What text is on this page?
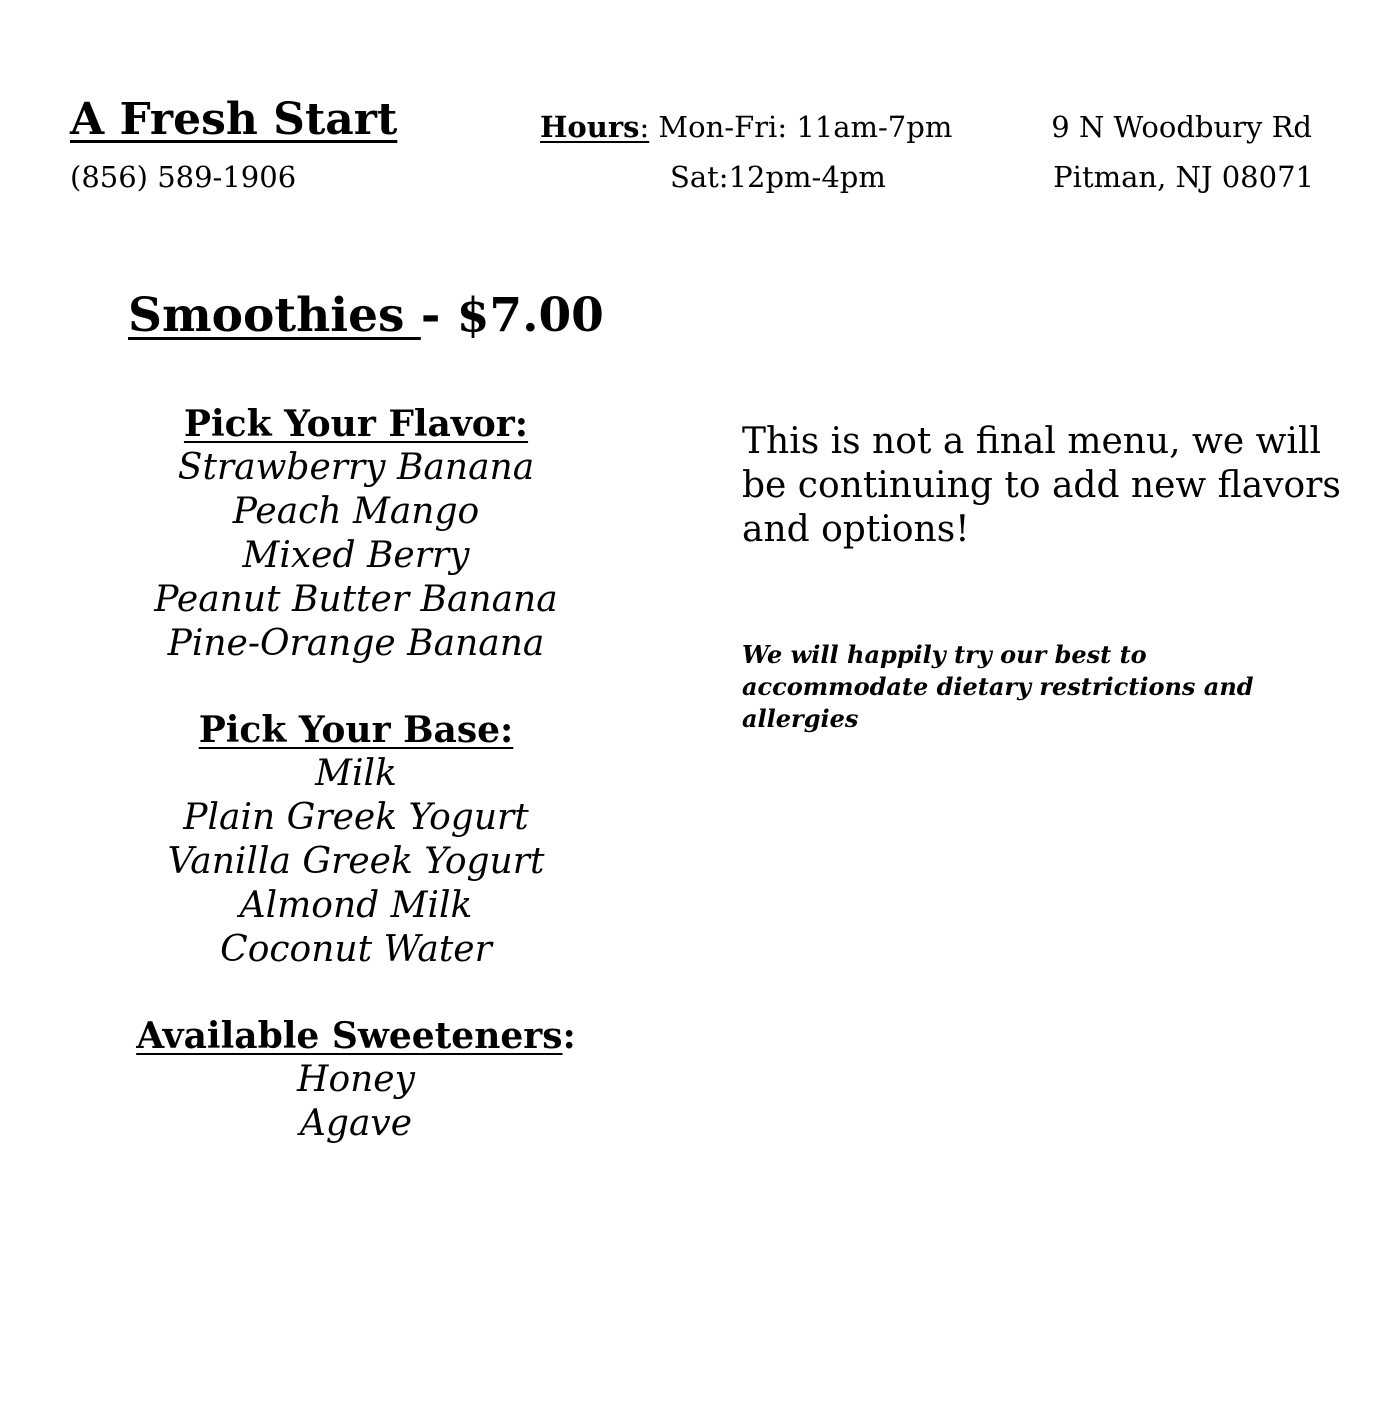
A Fresh Start
(856) 589-1906
Hours: Mon-Fri: 11am-7pm
Sat:12pm-4pm
9 N Woodbury Rd
Pitman, NJ 08071
Smoothies - $7.00
Pick Your Flavor:
Strawberry Banana
Peach Mango
Mixed Berry
Peanut Butter Banana
Pine-Orange Banana
Pick Your Base:
Milk
Plain Greek Yogurt
Vanilla Greek Yogurt
Almond Milk
Coconut Water
Available Sweeteners:
Honey
Agave
This is not a final menu, we will be continuing to add new flavors and options!
We will happily try our best to accommodate dietary restrictions and allergies
